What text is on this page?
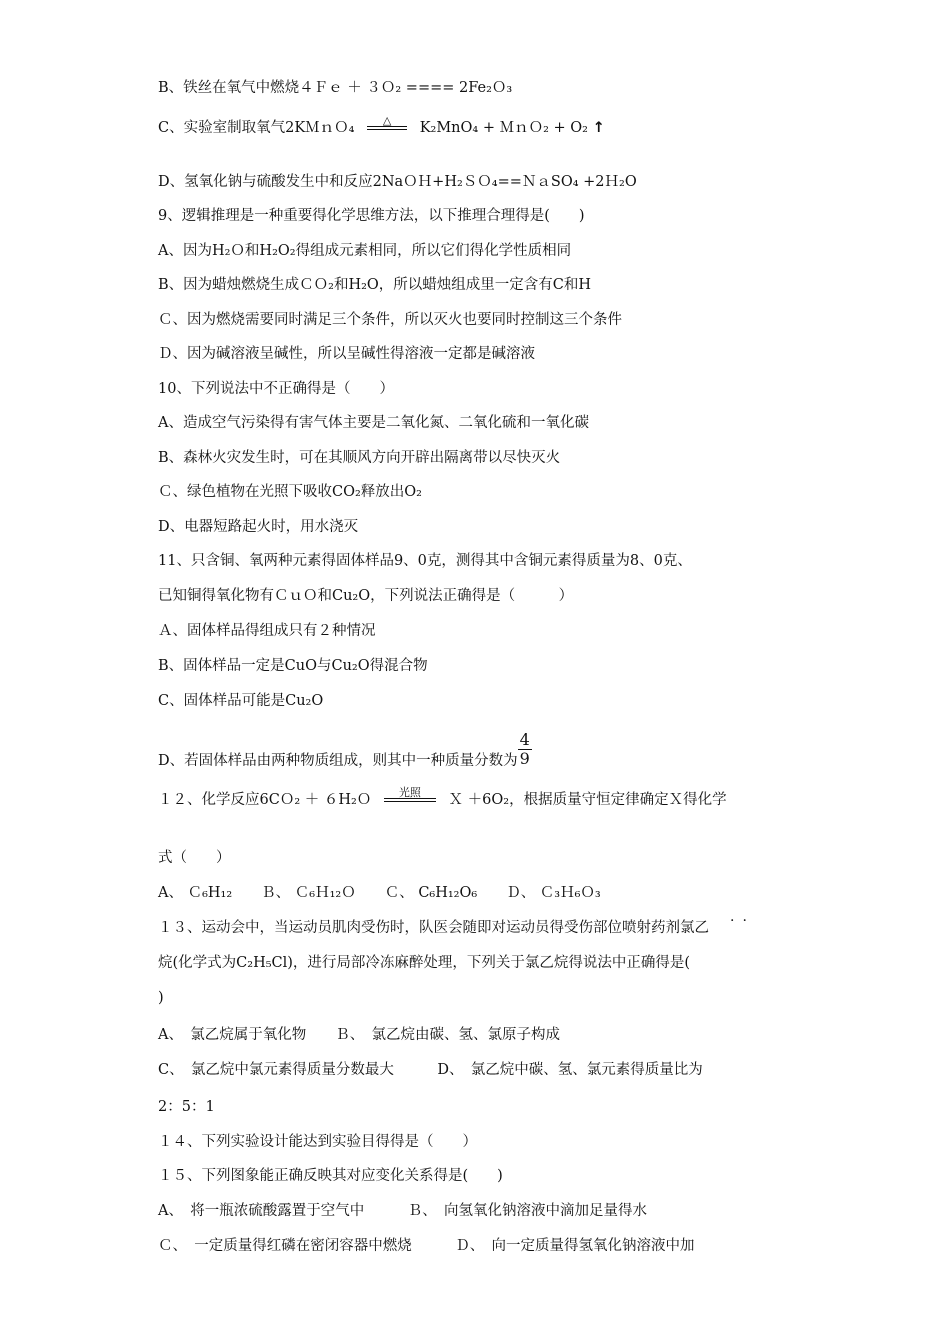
B、铁丝在氧气中燃烧４Ｆｅ ＋ ３Ｏ₂ ==== 2Fe₂Ｏ₃
C、实验室制取氧气2KＭｎＯ₄	△	K₂MnO₄ + ＭｎＯ₂ + O₂ ↑
D、氢氧化钠与硫酸发生中和反应2NaＯＨ+H₂ＳＯ₄==ＮａSO₄ +2Ｈ₂O
9、逻辑推理是一种重要得化学思维方法，以下推理合理得是(　　)
A、因为H₂Ｏ和H₂O₂得组成元素相同，所以它们得化学性质相同
B、因为蜡烛燃烧生成ＣＯ₂和H₂O，所以蜡烛组成里一定含有C和H
Ｃ、因为燃烧需要同时满足三个条件，所以灭火也要同时控制这三个条件
Ｄ、因为碱溶液呈碱性，所以呈碱性得溶液一定都是碱溶液
10、下列说法中不正确得是（　　）
A、造成空气污染得有害气体主要是二氧化氮、二氧化硫和一氧化碳
B、森林火灾发生时，可在其顺风方向开辟出隔离带以尽快灭火
Ｃ、绿色植物在光照下吸收CO₂释放出O₂
D、电器短路起火时，用水浇灭
11、只含铜、氧两种元素得固体样品9、0克，测得其中含铜元素得质量为8、0克、
已知铜得氧化物有ＣｕＯ和Cu₂O，下列说法正确得是（　　　）
Ａ、固体样品得组成只有２种情况
B、固体样品一定是CuO与Cu₂O得混合物
C、固体样品可能是Cu₂O
D、若固体样品由两种物质组成，则其中一种质量分数为 $\frac{4}{9}$
１２、化学反应6CＯ₂ ＋ ６H₂Ｏ	光照	Ｘ ＋6O₂，根据质量守恒定律确定Ｘ得化学
式（　　）
A、 Ｃ₆H₁₂　　Ｂ、 Ｃ₆Ｈ₁₂Ｏ　　Ｃ、 C₆H₁₂O₆　　Ｄ、 Ｃ₃Ｈ₆Ｏ₃
··
１３、运动会中，当运动员肌肉受伤时，队医会随即对运动员得受伤部位喷射药剂氯乙
烷(化学式为C₂H₅Cl)，进行局部冷冻麻醉处理，下列关于氯乙烷得说法中正确得是(
)
A、　氯乙烷属于氧化物　　Ｂ、　氯乙烷由碳、氢、氯原子构成
C、　氯乙烷中氯元素得质量分数最大　　　D、　氯乙烷中碳、氢、氯元素得质量比为
2：5：1
１４、下列实验设计能达到实验目得得是（　　）
１５、下列图象能正确反映其对应变化关系得是(　　)
A、　将一瓶浓硫酸露置于空气中　　　Ｂ、　向氢氧化钠溶液中滴加足量得水
Ｃ、　一定质量得红磷在密闭容器中燃烧　　　Ｄ、　向一定质量得氢氧化钠溶液中加
